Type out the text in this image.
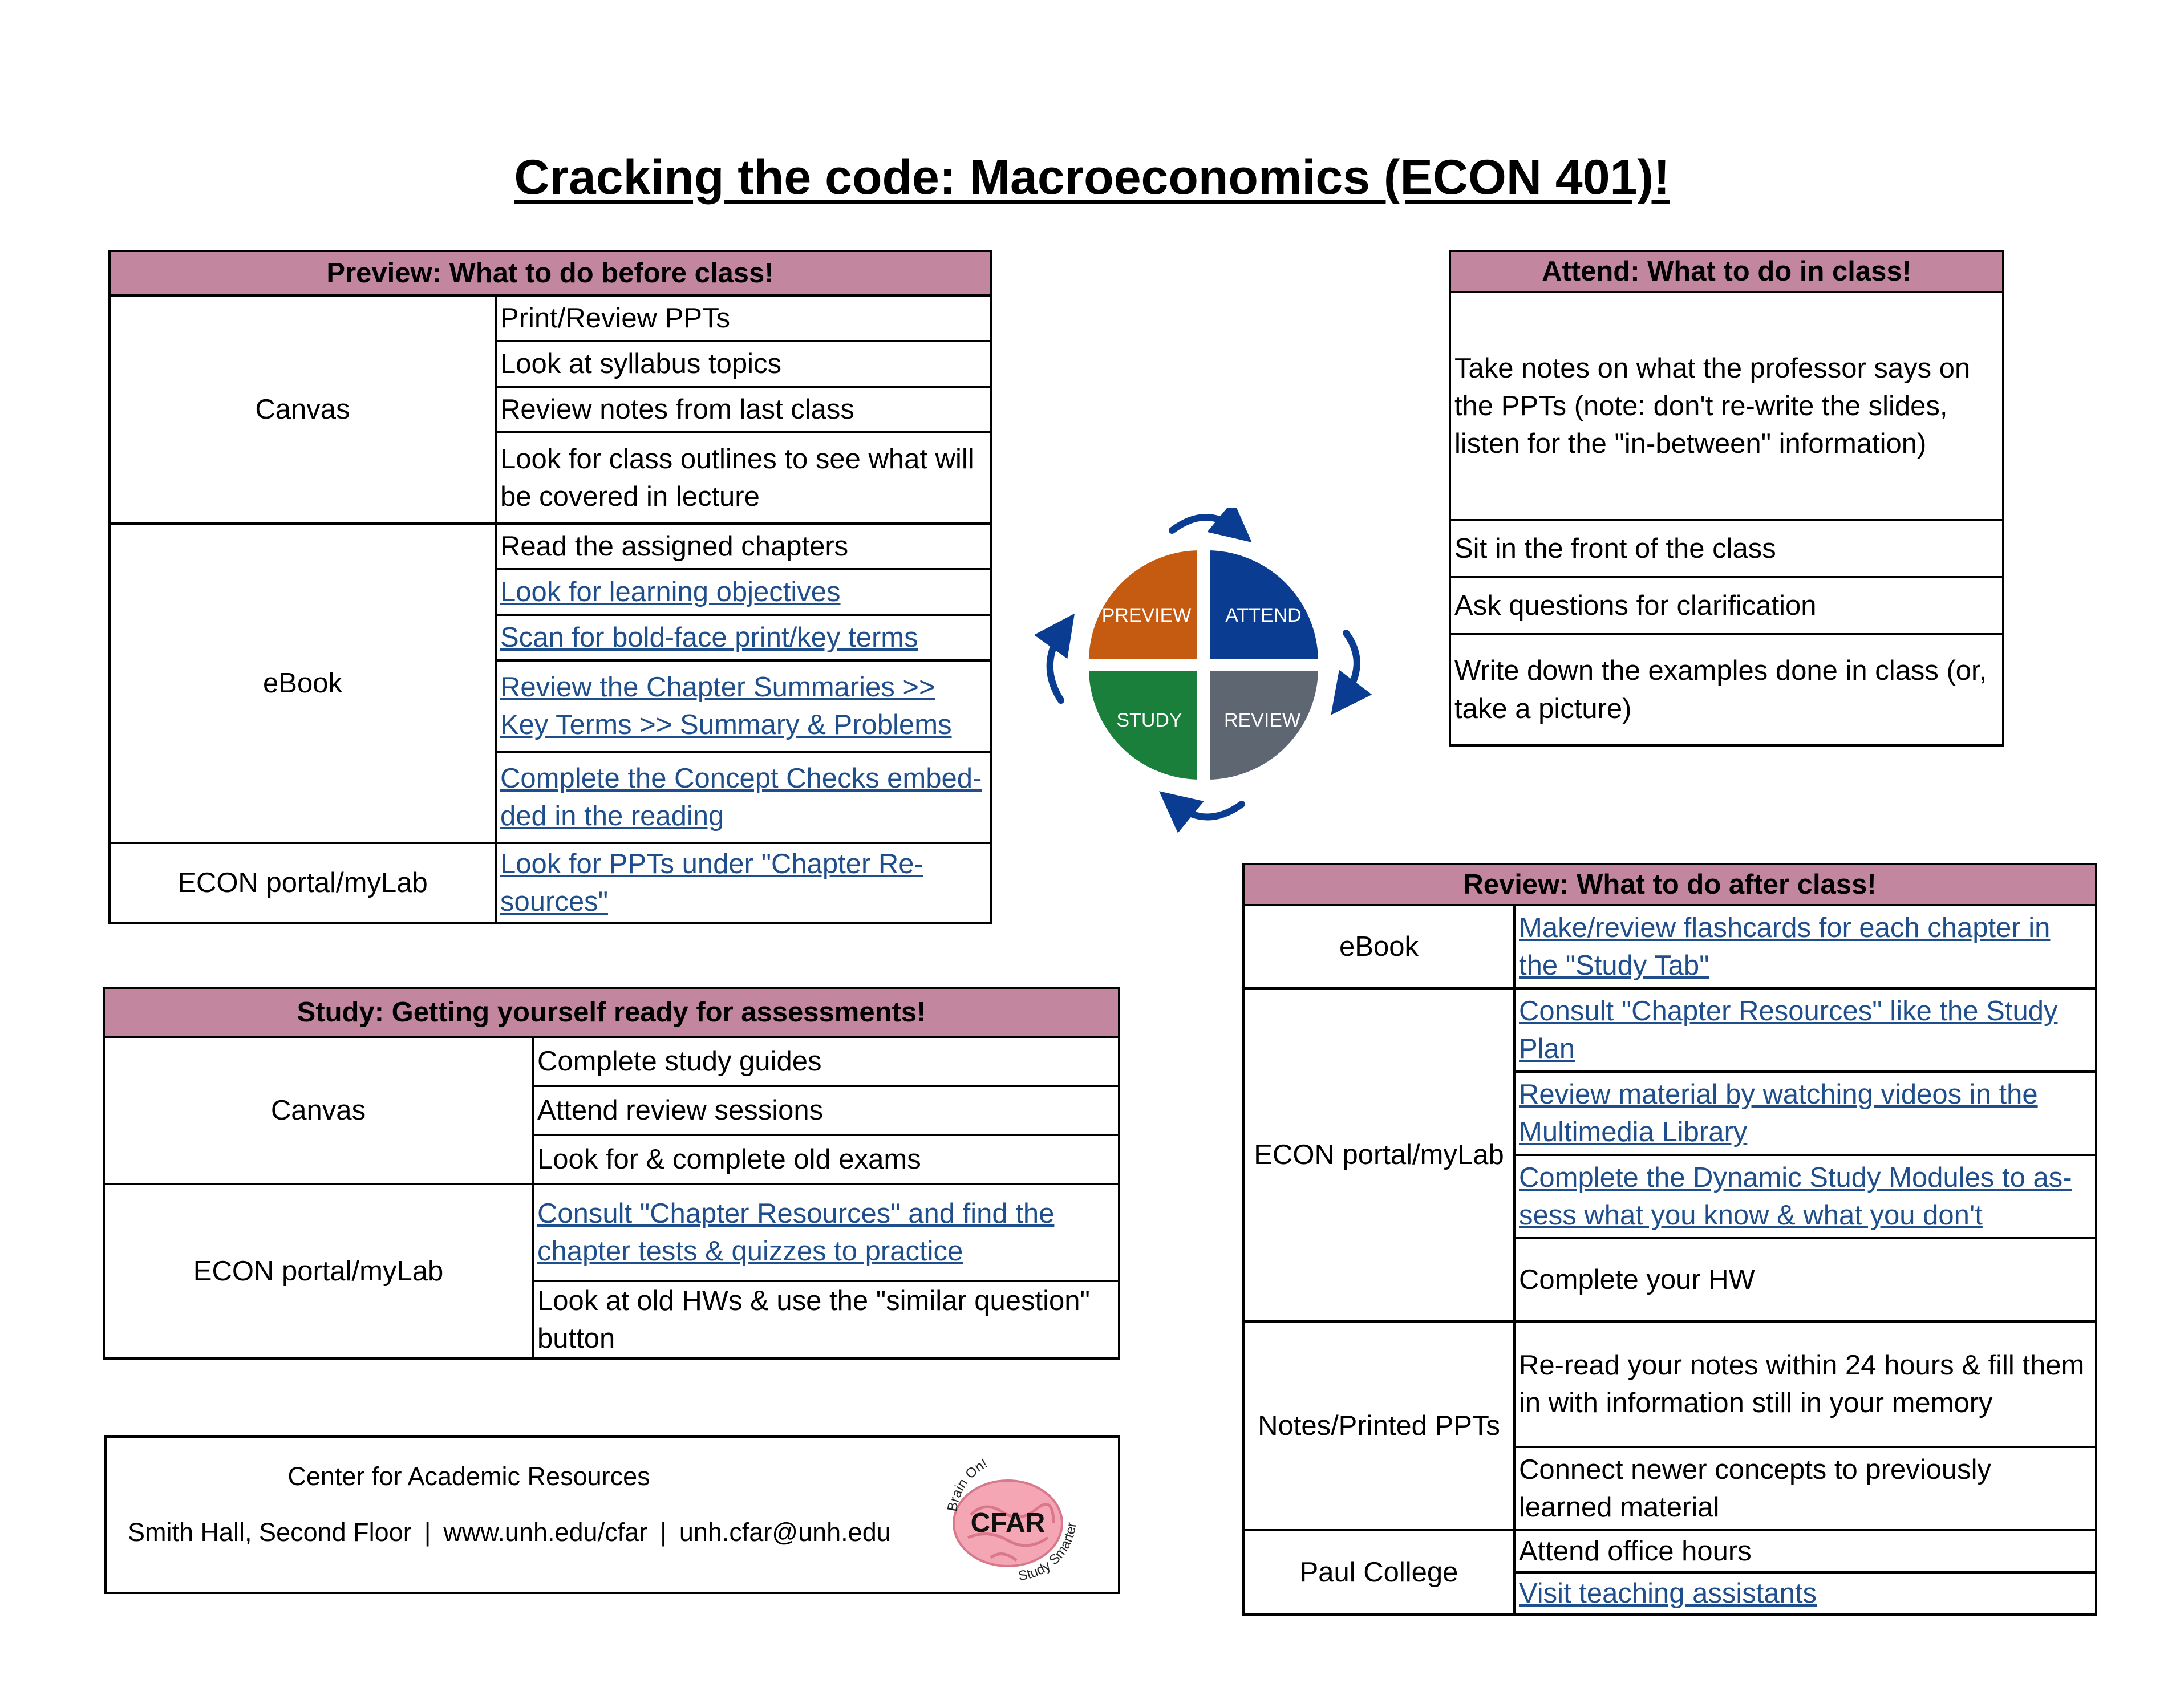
Cracking the code: Macroeconomics (ECON 401)!
Preview: What to do before class!	
Canvas	Print/Review PPTs
	Look at syllabus topics
	Review notes from last class
	Look for class outlines to see what will be covered in lecture
eBook	Read the assigned chapters
	Look for learning objectives
	Scan for bold-face print/key terms
	Review the Chapter Summaries >> Key Terms >> Summary & Problems
	Complete the Concept Checks embed-ded in the reading
ECON portal/myLab	Look for PPTs under "Chapter Re-sources"
Study: Getting yourself ready for assessments!	
Canvas	Complete study guides
	Attend review sessions
	Look for & complete old exams
ECON portal/myLab	Consult "Chapter Resources" and find the chapter tests & quizzes to practice
	Look at old HWs & use the "similar question" button
Attend: What to do in class!
Take notes on what the professor says on the PPTs (note: don't re-write the slides, listen for the "in-between" information)
Sit in the front of the class
Ask questions for clarification
Write down the examples done in class (or, take a picture)
Review: What to do after class!	
eBook	Make/review flashcards for each chapter in the "Study Tab"
ECON portal/myLab	Consult "Chapter Resources" like the Study Plan
	Review material by watching videos in the Multimedia Library
	Complete the Dynamic Study Modules to as-sess what you know & what you don't
	Complete your HW
Notes/Printed PPTs	Re-read your notes within 24 hours & fill them in with information still in your memory
	Connect newer concepts to previously learned material
Paul College	Attend office hours
	Visit teaching assistants
PREVIEW ATTEND
STUDY REVIEW
Center for Academic Resources
Smith Hall, Second Floor | www.unh.edu/cfar | unh.cfar@unh.edu	CFAR
Brain On!
Study Smarter
